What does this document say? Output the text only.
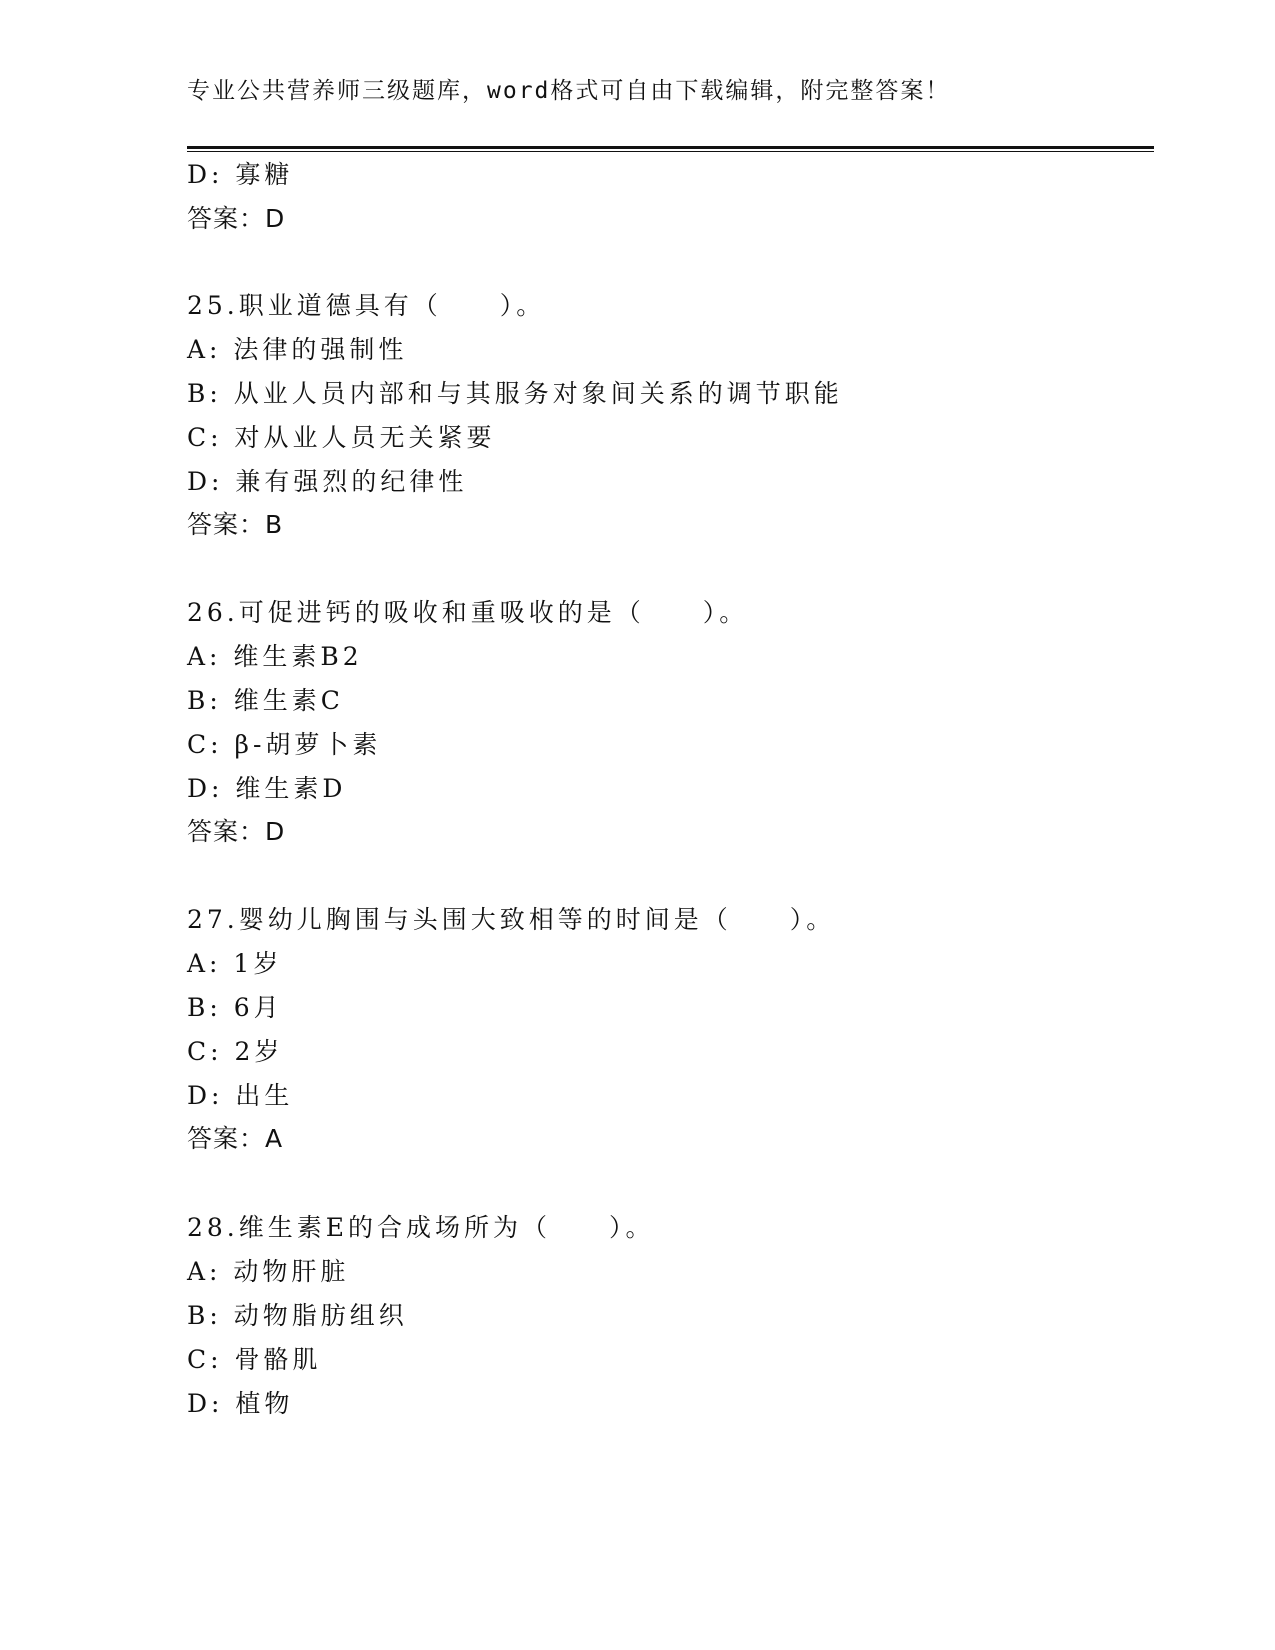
专业公共营养师三级题库，word格式可自由下载编辑，附完整答案！
D: 寡糖
答案：D
25.职业道德具有（　　）。
A: 法律的强制性
B: 从业人员内部和与其服务对象间关系的调节职能
C: 对从业人员无关紧要
D: 兼有强烈的纪律性
答案：B
26.可促进钙的吸收和重吸收的是（　　）。
A: 维生素B2
B: 维生素C
C: β-胡萝卜素
D: 维生素D
答案：D
27.婴幼儿胸围与头围大致相等的时间是（　　）。
A: 1岁
B: 6月
C: 2岁
D: 出生
答案：A
28.维生素E的合成场所为（　　）。
A: 动物肝脏
B: 动物脂肪组织
C: 骨骼肌
D: 植物
